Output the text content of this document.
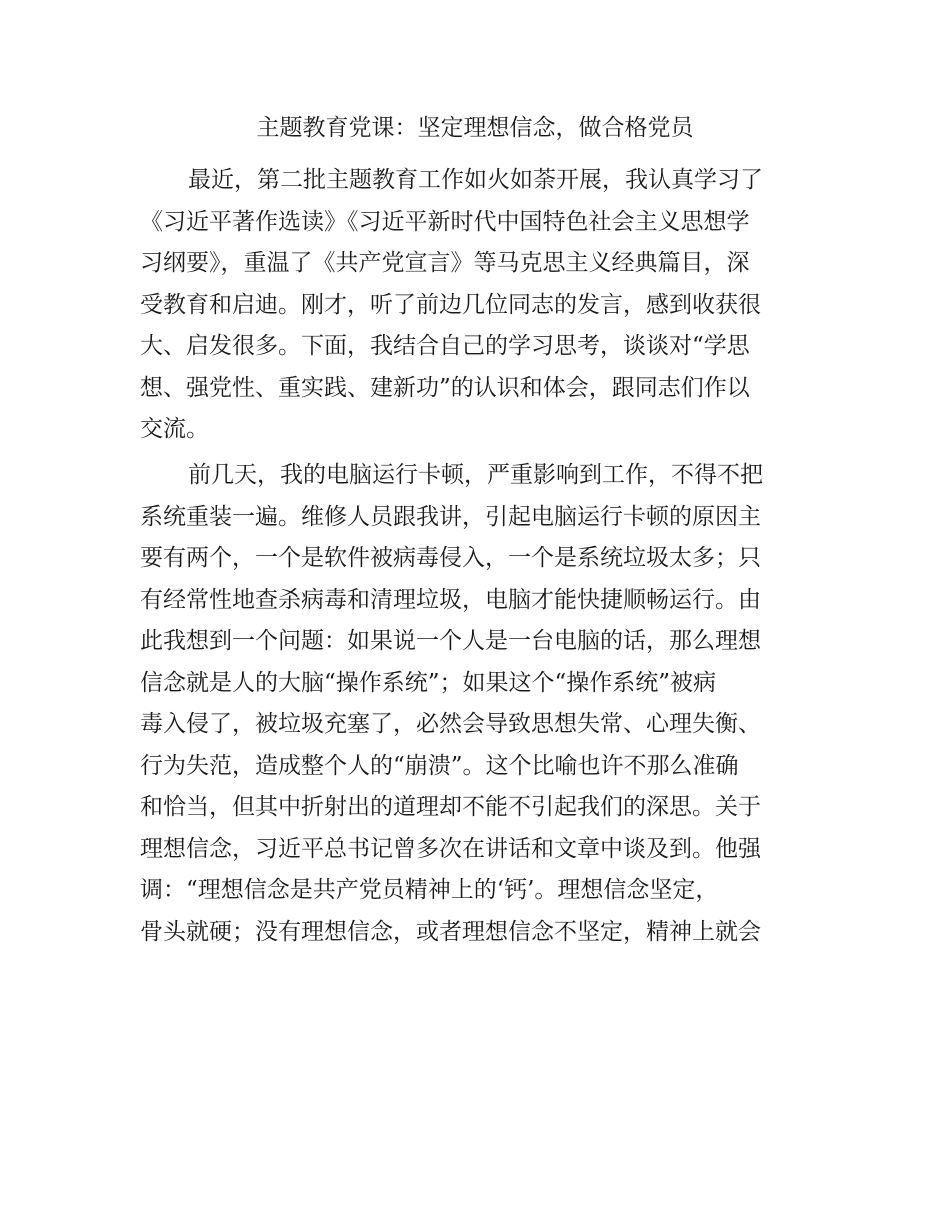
主题教育党课：坚定理想信念，做合格党员
最近，第二批主题教育工作如火如荼开展，我认真学习了
《习近平著作选读》《习近平新时代中国特色社会主义思想学
习纲要》，重温了《共产党宣言》等马克思主义经典篇目，深
受教育和启迪。刚才，听了前边几位同志的发言，感到收获很
大、启发很多。下面，我结合自己的学习思考，谈谈对“学思
想、强党性、重实践、建新功”的认识和体会，跟同志们作以
交流。
前几天，我的电脑运行卡顿，严重影响到工作，不得不把
系统重装一遍。维修人员跟我讲，引起电脑运行卡顿的原因主
要有两个，一个是软件被病毒侵入，一个是系统垃圾太多；只
有经常性地查杀病毒和清理垃圾，电脑才能快捷顺畅运行。由
此我想到一个问题：如果说一个人是一台电脑的话，那么理想
信念就是人的大脑“操作系统”；如果这个“操作系统”被病
毒入侵了，被垃圾充塞了，必然会导致思想失常、心理失衡、
行为失范，造成整个人的“崩溃”。这个比喻也许不那么准确
和恰当，但其中折射出的道理却不能不引起我们的深思。关于
理想信念，习近平总书记曾多次在讲话和文章中谈及到。他强
调：“理想信念是共产党员精神上的‘钙’。理想信念坚定，
骨头就硬；没有理想信念，或者理想信念不坚定，精神上就会
